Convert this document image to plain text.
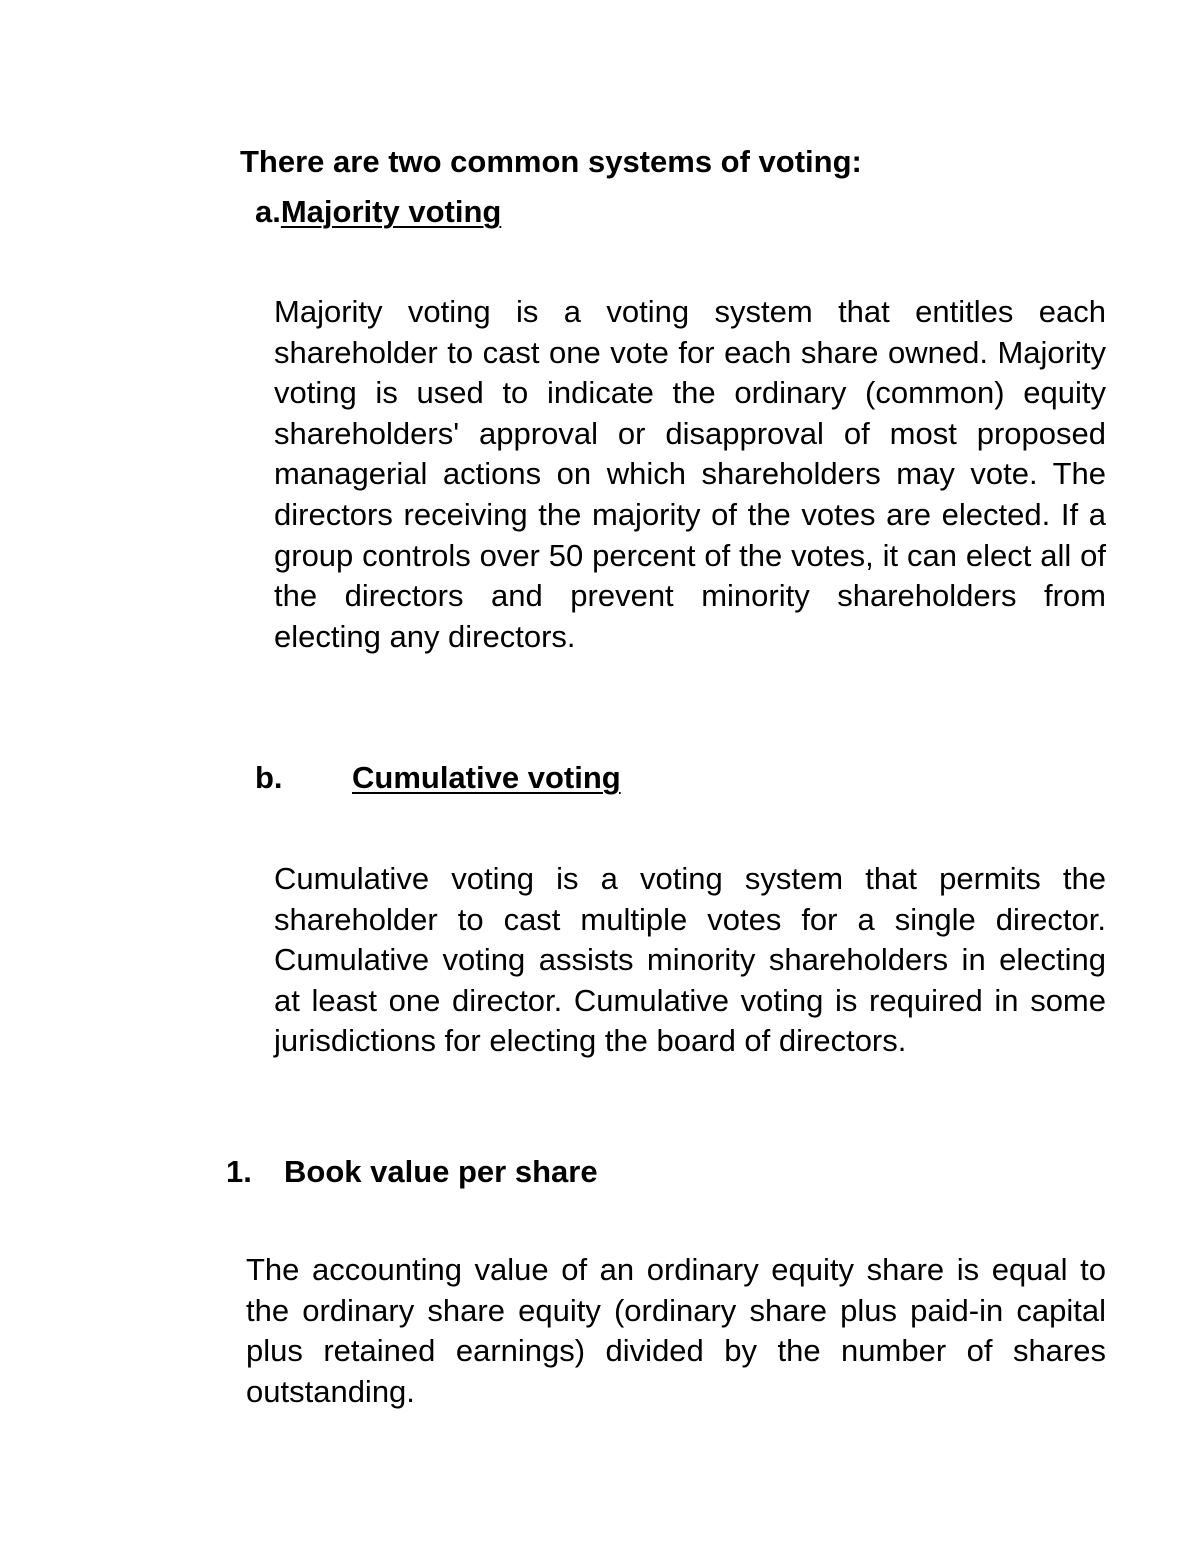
There are two common systems of voting:
a.Majority voting

Majority voting is a voting system that entitles each shareholder to cast one vote for each share owned. Majority voting is used to indicate the ordinary (common) equity shareholders' approval or disapproval of most proposed managerial actions on which shareholders may vote. The directors receiving the majority of the votes are elected. If a group controls over 50 percent of the votes, it can elect all of the directors and prevent minority shareholders from electing any directors.

b. Cumulative voting

Cumulative voting is a voting system that permits the shareholder to cast multiple votes for a single director. Cumulative voting assists minority shareholders in electing at least one director. Cumulative voting is required in some jurisdictions for electing the board of directors.

1. Book value per share

The accounting value of an ordinary equity share is equal to the ordinary share equity (ordinary share plus paid-in capital plus retained earnings) divided by the number of shares outstanding.
